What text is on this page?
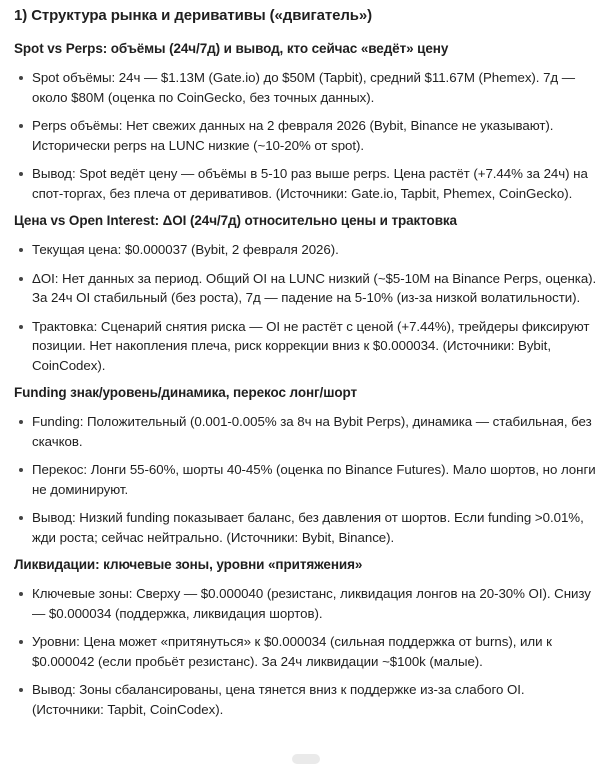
1) Структура рынка и деривативы («двигатель»)
Spot vs Perps: объёмы (24ч/7д) и вывод, кто сейчас «ведёт» цену
Spot объёмы: 24ч — $1.13M (Gate.io) до $50M (Tapbit), средний $11.67M (Phemex). 7д — около $80M (оценка по CoinGecko, без точных данных).
Perps объёмы: Нет свежих данных на 2 февраля 2026 (Bybit, Binance не указывают). Исторически perps на LUNC низкие (~10-20% от spot).
Вывод: Spot ведёт цену — объёмы в 5-10 раз выше perps. Цена растёт (+7.44% за 24ч) на спот-торгах, без плеча от деривативов. (Источники: Gate.io, Tapbit, Phemex, CoinGecko).
Цена vs Open Interest: ΔOI (24ч/7д) относительно цены и трактовка
Текущая цена: $0.000037 (Bybit, 2 февраля 2026).
ΔOI: Нет данных за период. Общий OI на LUNC низкий (~$5-10M на Binance Perps, оценка). За 24ч OI стабильный (без роста), 7д — падение на 5-10% (из-за низкой волатильности).
Трактовка: Сценарий снятия риска — OI не растёт с ценой (+7.44%), трейдеры фиксируют позиции. Нет накопления плеча, риск коррекции вниз к $0.000034. (Источники: Bybit, CoinCodex).
Funding знак/уровень/динамика, перекос лонг/шорт
Funding: Положительный (0.001-0.005% за 8ч на Bybit Perps), динамика — стабильная, без скачков.
Перекос: Лонги 55-60%, шорты 40-45% (оценка по Binance Futures). Мало шортов, но лонги не доминируют.
Вывод: Низкий funding показывает баланс, без давления от шортов. Если funding >0.01%, жди роста; сейчас нейтрально. (Источники: Bybit, Binance).
Ликвидации: ключевые зоны, уровни «притяжения»
Ключевые зоны: Сверху — $0.000040 (резистанс, ликвидация лонгов на 20-30% OI). Снизу — $0.000034 (поддержка, ликвидация шортов).
Уровни: Цена может «притянуться» к $0.000034 (сильная поддержка от burns), или к $0.000042 (если пробьёт резистанс). За 24ч ликвидации ~$100k (малые).
Вывод: Зоны сбалансированы, цена тянется вниз к поддержке из-за слабого OI. (Источники: Tapbit, CoinCodex).
